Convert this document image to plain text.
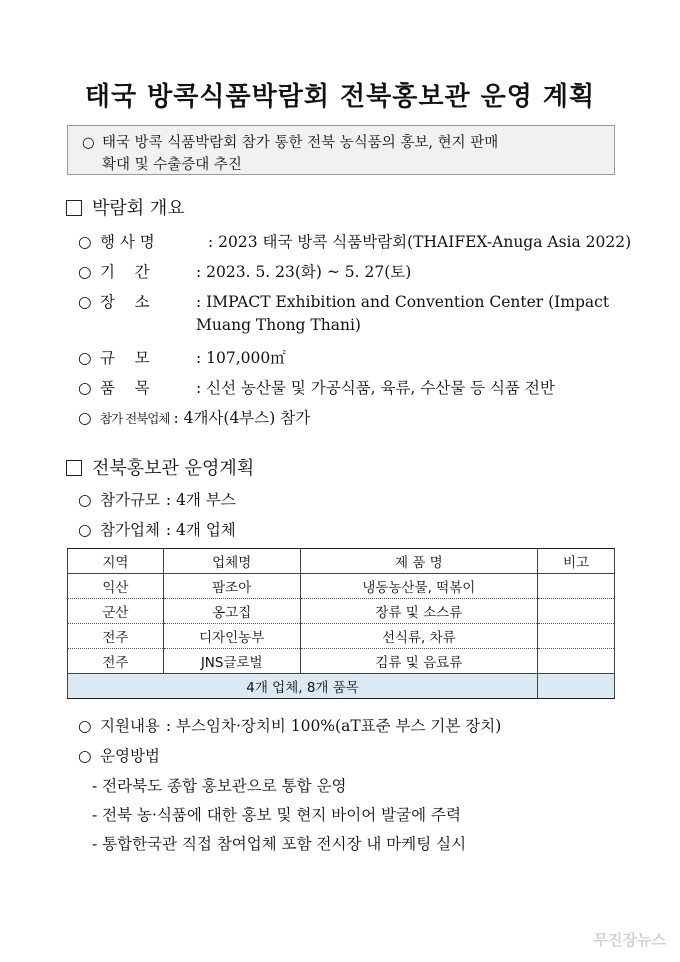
태국 방콕식품박람회 전북홍보관 운영 계획
○ 태국 방콕 식품박람회 참가 통한 전북 농식품의 홍보, 현지 판매
확대 및 수출증대 추진
박람회 개요
○ 행 사 명	: 2023 태국 방콕 식품박람회(THAIFEX-Anuga Asia 2022)
○ 기    간	: 2023. 5. 23(화) ~ 5. 27(토)
○ 장    소	: IMPACT Exhibition and Convention Center (Impact
Muang Thong Thani)
○ 규    모	: 107,000㎡
○ 품    목	: 신선 농산물 및 가공식품, 육류, 수산물 등 식품 전반
○ 참가 전북업체 : 4개사(4부스) 참가
전북홍보관 운영계획
○ 참가규모 : 4개 부스
○ 참가업체 : 4개 업체
지역	업체명	제 품 명	비고
익산	팜조아	냉동농산물, 떡볶이	
군산	옹고집	장류 및 소스류	
전주	디자인농부	선식류, 차류	
전주	JNS글로벌	김류 및 음료류	
4개 업체, 8개 품목			
○ 지원내용 : 부스임차·장치비 100%(aT표준 부스 기본 장치)
○ 운영방법
- 전라북도 종합 홍보관으로 통합 운영
- 전북 농·식품에 대한 홍보 및 현지 바이어 발굴에 주력
- 통합한국관 직접 참여업체 포함 전시장 내 마케팅 실시
무진장뉴스
